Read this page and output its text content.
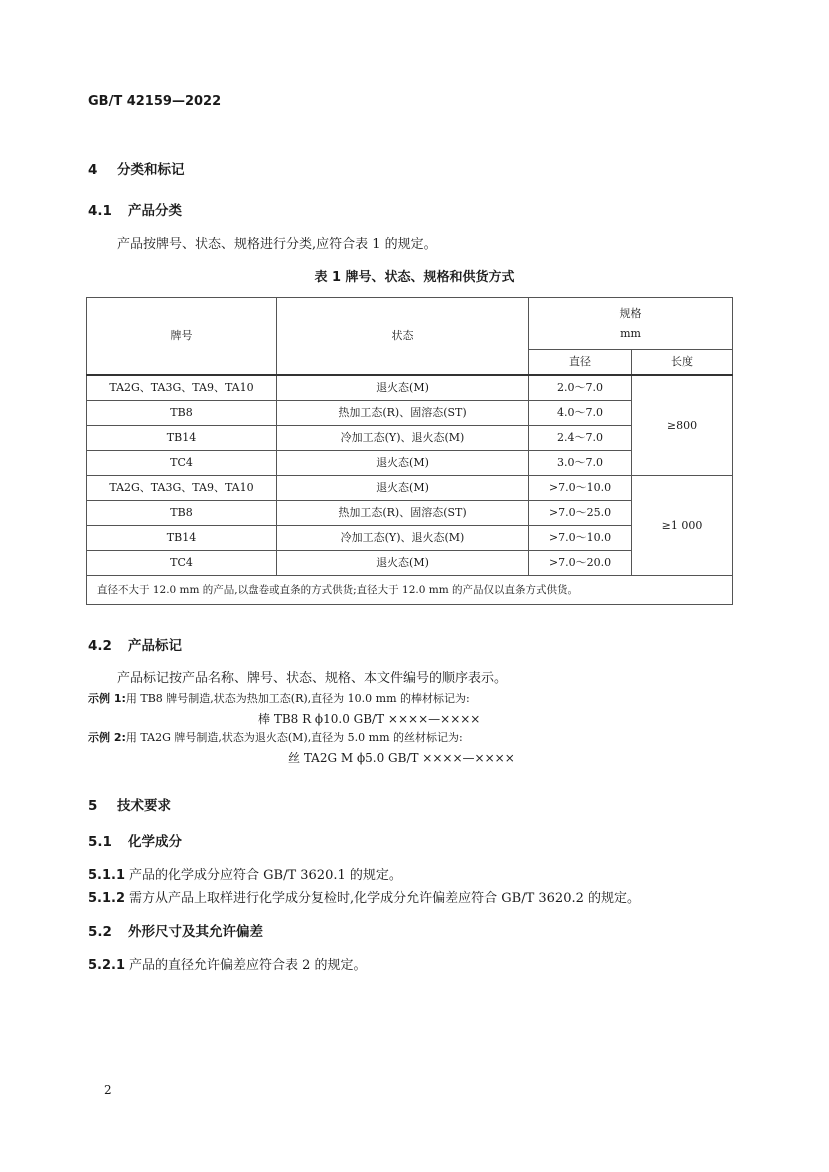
GB/T 42159—2022
4 分类和标记
4.1 产品分类
产品按牌号、状态、规格进行分类,应符合表 1 的规定。
表 1 牌号、状态、规格和供货方式
牌号	状态	规格
mm	

		直径	长度
TA2G、TA3G、TA9、TA10	退火态(M)	2.0～7.0	≥800
TB8	热加工态(R)、固溶态(ST)	4.0～7.0	
TB14	冷加工态(Y)、退火态(M)	2.4～7.0	
TC4	退火态(M)	3.0～7.0	
TA2G、TA3G、TA9、TA10	退火态(M)	>7.0～10.0	≥1 000
TB8	热加工态(R)、固溶态(ST)	>7.0～25.0	
TB14	冷加工态(Y)、退火态(M)	>7.0～10.0	
TC4	退火态(M)	>7.0～20.0	
直径不大于 12.0 mm 的产品,以盘卷或直条的方式供货;直径大于 12.0 mm 的产品仅以直条方式供货。			
4.2 产品标记
产品标记按产品名称、牌号、状态、规格、本文件编号的顺序表示。
示例 1:用 TB8 牌号制造,状态为热加工态(R),直径为 10.0 mm 的棒材标记为:
棒 TB8 R ϕ10.0 GB/T ××××—××××
示例 2:用 TA2G 牌号制造,状态为退火态(M),直径为 5.0 mm 的丝材标记为:
丝 TA2G M ϕ5.0 GB/T ××××—××××
5 技术要求
5.1 化学成分
5.1.1 产品的化学成分应符合 GB/T 3620.1 的规定。
5.1.2 需方从产品上取样进行化学成分复检时,化学成分允许偏差应符合 GB/T 3620.2 的规定。
5.2 外形尺寸及其允许偏差
5.2.1 产品的直径允许偏差应符合表 2 的规定。
2
